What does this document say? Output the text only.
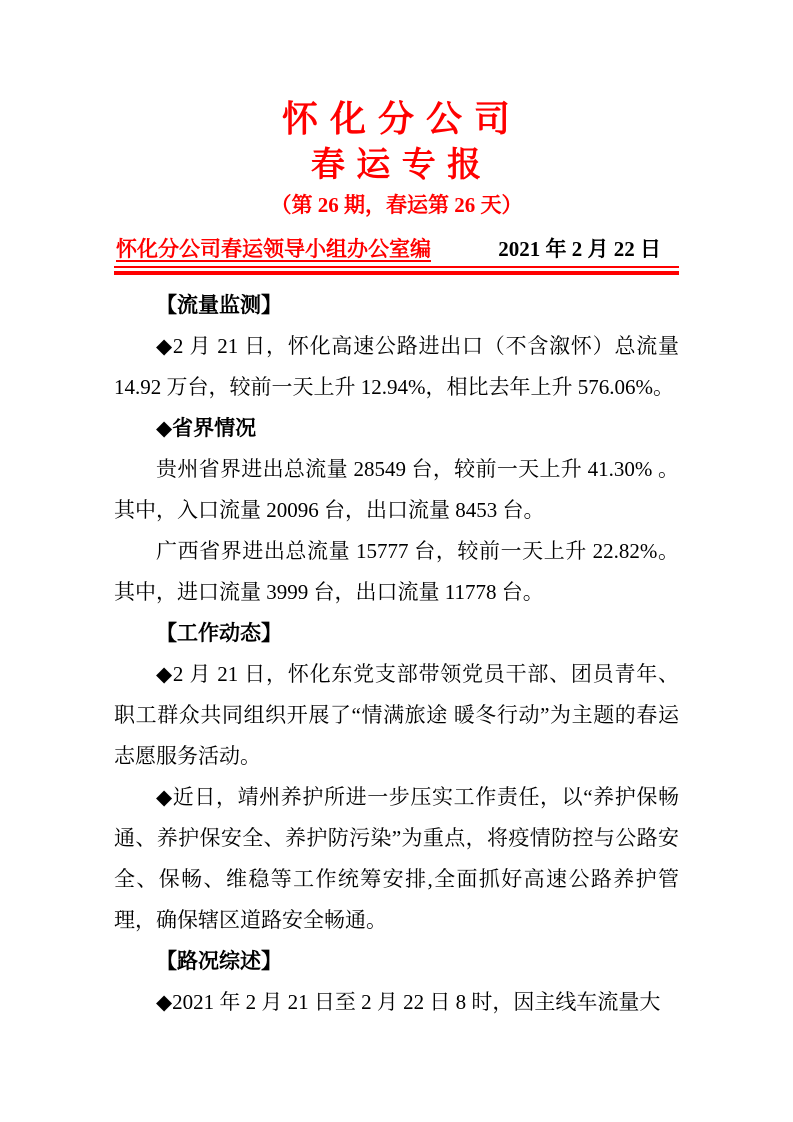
怀 化 分 公 司
春 运 专 报
（第 26 期，春运第 26 天）
怀化分公司春运领导小组办公室编	2021 年 2 月 22 日

【流量监测】

◆2 月 21 日，怀化高速公路进出口（不含溆怀）总流量 14.92 万台，较前一天上升 12.94%，相比去年上升 576.06%。

◆省界情况

贵州省界进出总流量 28549 台，较前一天上升 41.30% 。其中，入口流量 20096 台，出口流量 8453 台。

广西省界进出总流量 15777 台，较前一天上升 22.82%。其中，进口流量 3999 台，出口流量 11778 台。

【工作动态】

◆2 月 21 日，怀化东党支部带领党员干部、团员青年、职工群众共同组织开展了“情满旅途 暖冬行动”为主题的春运志愿服务活动。

◆近日，靖州养护所进一步压实工作责任，以“养护保畅通、养护保安全、养护防污染”为重点，将疫情防控与公路安全、保畅、维稳等工作统筹安排,全面抓好高速公路养护管理，确保辖区道路安全畅通。

【路况综述】

◆2021 年 2 月 21 日至 2 月 22 日 8 时，因主线车流量大
